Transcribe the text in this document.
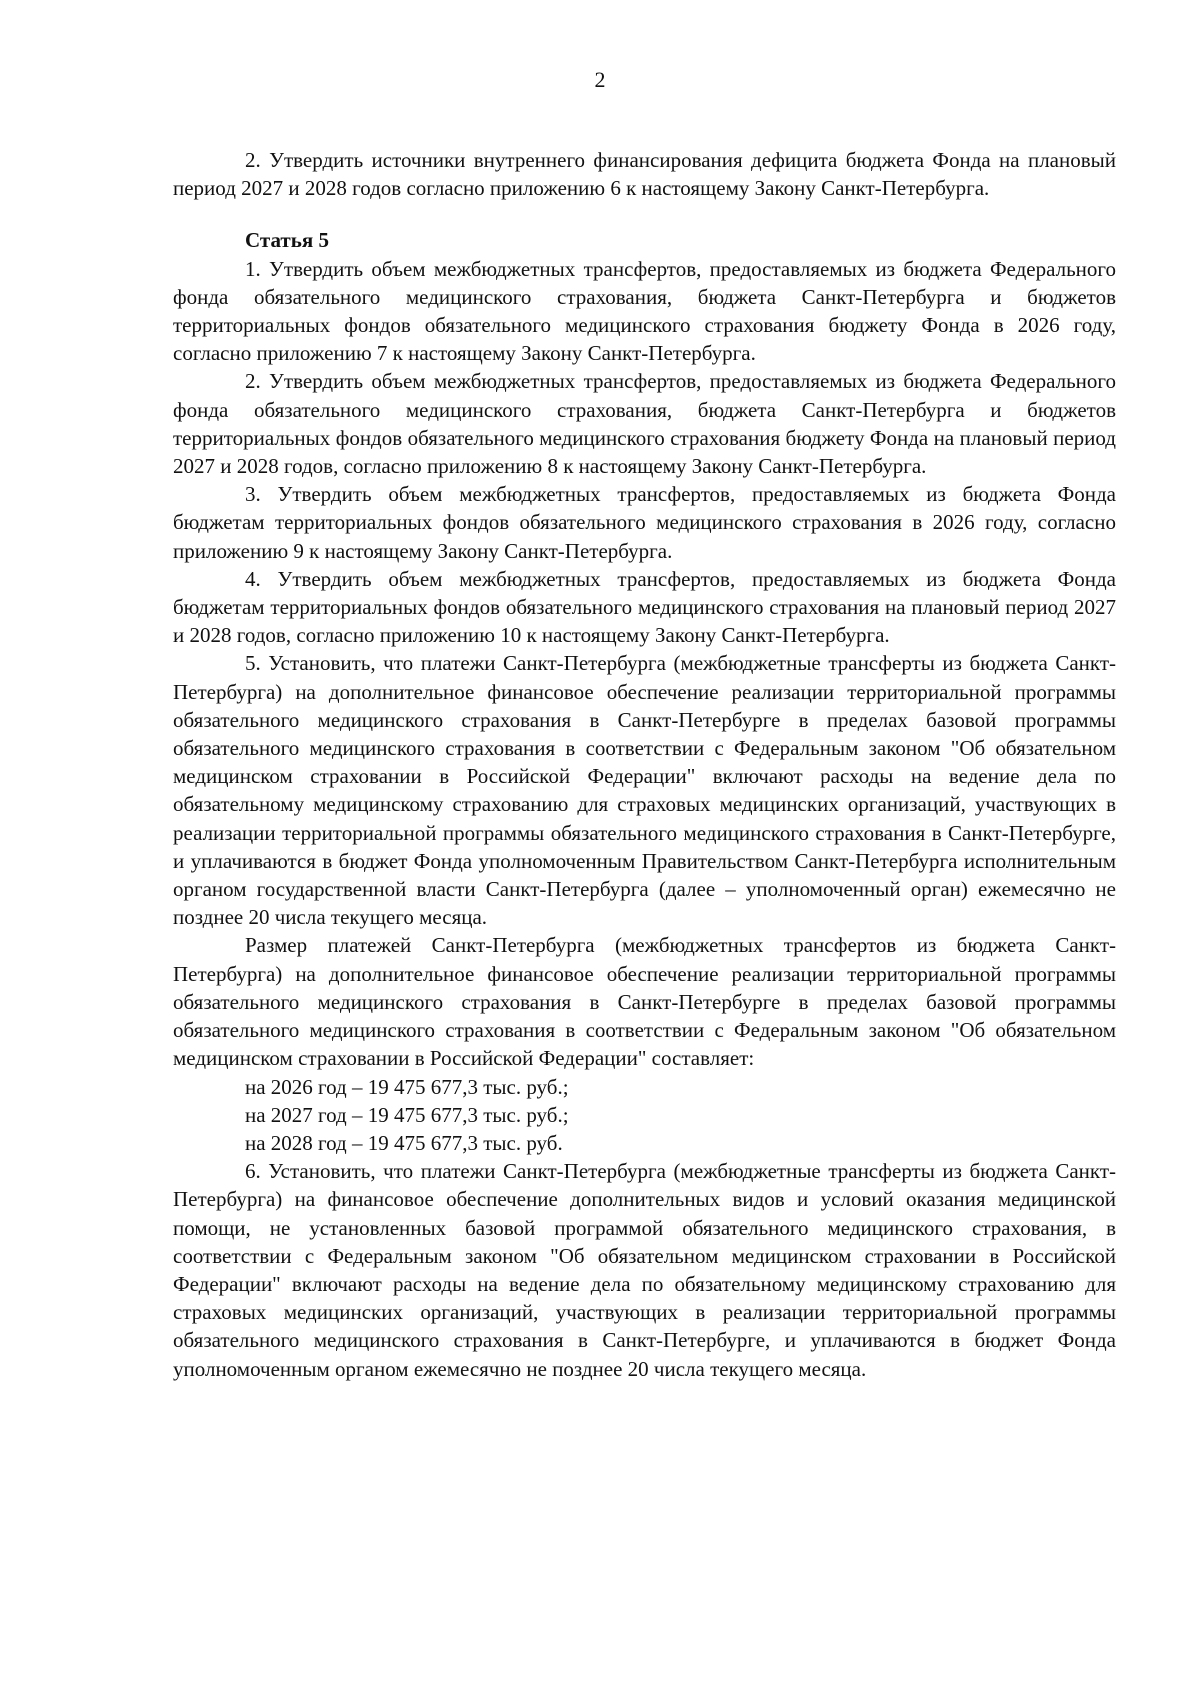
2

2. Утвердить источники внутреннего финансирования дефицита бюджета Фонда на плановый период 2027 и 2028 годов согласно приложению 6 к настоящему Закону Санкт-Петербурга.

Статья 5

1. Утвердить объем межбюджетных трансфертов, предоставляемых из бюджета Федерального фонда обязательного медицинского страхования, бюджета Санкт-Петербурга и бюджетов территориальных фондов обязательного медицинского страхования бюджету Фонда в 2026 году, согласно приложению 7 к настоящему Закону Санкт-Петербурга.

2. Утвердить объем межбюджетных трансфертов, предоставляемых из бюджета Федерального фонда обязательного медицинского страхования, бюджета Санкт-Петербурга и бюджетов территориальных фондов обязательного медицинского страхования бюджету Фонда на плановый период 2027 и 2028 годов, согласно приложению 8 к настоящему Закону Санкт-Петербурга.

3. Утвердить объем межбюджетных трансфертов, предоставляемых из бюджета Фонда бюджетам территориальных фондов обязательного медицинского страхования в 2026 году, согласно приложению 9 к настоящему Закону Санкт-Петербурга.

4. Утвердить объем межбюджетных трансфертов, предоставляемых из бюджета Фонда бюджетам территориальных фондов обязательного медицинского страхования на плановый период 2027 и 2028 годов, согласно приложению 10 к настоящему Закону Санкт-Петербурга.

5. Установить, что платежи Санкт-Петербурга (межбюджетные трансферты из бюджета Санкт-Петербурга) на дополнительное финансовое обеспечение реализации территориальной программы обязательного медицинского страхования в Санкт-Петербурге в пределах базовой программы обязательного медицинского страхования в соответствии с Федеральным законом "Об обязательном медицинском страховании в Российской Федерации" включают расходы на ведение дела по обязательному медицинскому страхованию для страховых медицинских организаций, участвующих в реализации территориальной программы обязательного медицинского страхования в Санкт-Петербурге, и уплачиваются в бюджет Фонда уполномоченным Правительством Санкт-Петербурга исполнительным органом государственной власти Санкт-Петербурга (далее – уполномоченный орган) ежемесячно не позднее 20 числа текущего месяца.

Размер платежей Санкт-Петербурга (межбюджетных трансфертов из бюджета Санкт-Петербурга) на дополнительное финансовое обеспечение реализации территориальной программы обязательного медицинского страхования в Санкт-Петербурге в пределах базовой программы обязательного медицинского страхования в соответствии с Федеральным законом "Об обязательном медицинском страховании в Российской Федерации" составляет:

на 2026 год – 19 475 677,3 тыс. руб.;

на 2027 год – 19 475 677,3 тыс. руб.;

на 2028 год – 19 475 677,3 тыс. руб.

6. Установить, что платежи Санкт-Петербурга (межбюджетные трансферты из бюджета Санкт-Петербурга) на финансовое обеспечение дополнительных видов и условий оказания медицинской помощи, не установленных базовой программой обязательного медицинского страхования, в соответствии с Федеральным законом "Об обязательном медицинском страховании в Российской Федерации" включают расходы на ведение дела по обязательному медицинскому страхованию для страховых медицинских организаций, участвующих в реализации территориальной программы обязательного медицинского страхования в Санкт-Петербурге, и уплачиваются в бюджет Фонда уполномоченным органом ежемесячно не позднее 20 числа текущего месяца.
